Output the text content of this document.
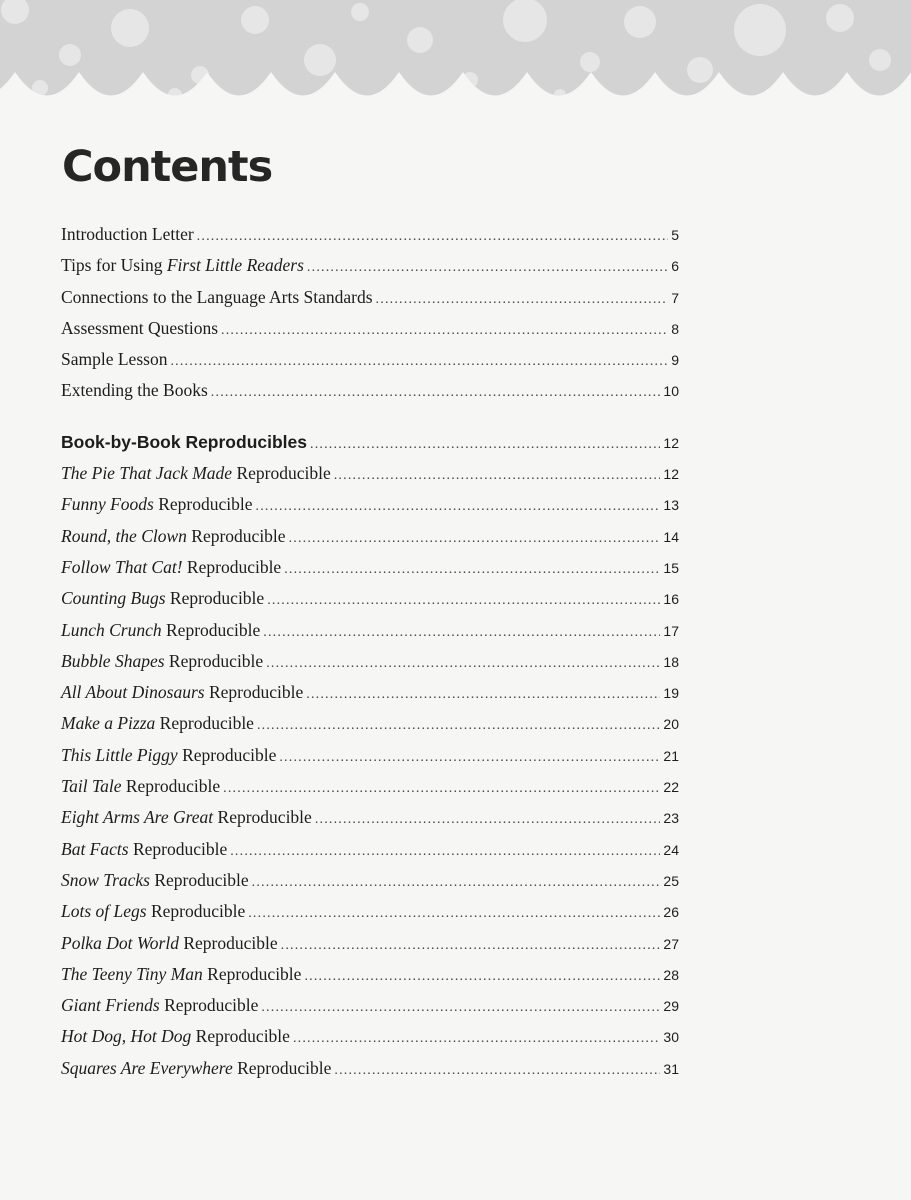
Contents
Introduction Letter .....	5
Tips for Using First Little Readers .....	6
Connections to the Language Arts Standards .....	7
Assessment Questions .....	8
Sample Lesson .....	9
Extending the Books .....	10
Book-by-Book Reproducibles .....	12
The Pie That Jack Made Reproducible .....	12
Funny Foods Reproducible .....	13
Round, the Clown Reproducible .....	14
Follow That Cat! Reproducible .....	15
Counting Bugs Reproducible .....	16
Lunch Crunch Reproducible .....	17
Bubble Shapes Reproducible .....	18
All About Dinosaurs Reproducible .....	19
Make a Pizza Reproducible .....	20
This Little Piggy Reproducible .....	21
Tail Tale Reproducible .....	22
Eight Arms Are Great Reproducible .....	23
Bat Facts Reproducible .....	24
Snow Tracks Reproducible .....	25
Lots of Legs Reproducible .....	26
Polka Dot World Reproducible .....	27
The Teeny Tiny Man Reproducible .....	28
Giant Friends Reproducible .....	29
Hot Dog, Hot Dog Reproducible .....	30
Squares Are Everywhere Reproducible .....	31
